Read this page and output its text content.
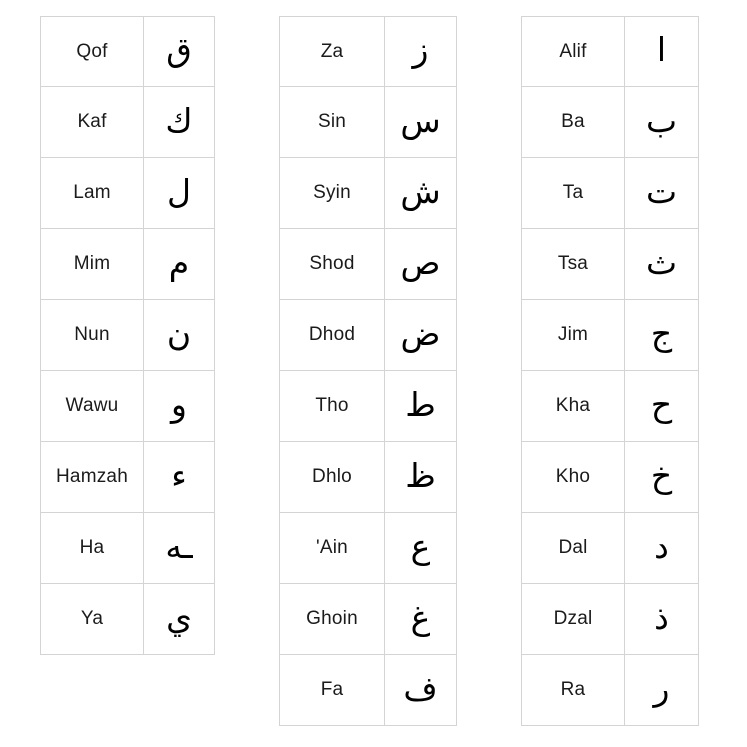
Qof	ق
Kaf	ك
Lam	ل
Mim	م
Nun	ن
Wawu	و
Hamzah	ء
Ha	ـه
Ya	ي
Za	ز
Sin	س
Syin	ش
Shod	ص
Dhod	ض
Tho	ط
Dhlo	ظ
'Ain	ع
Ghoin	غ
Fa	ف
Alif	ا
Ba	ب
Ta	ت
Tsa	ث
Jim	ج
Kha	ح
Kho	خ
Dal	د
Dzal	ذ
Ra	ر
